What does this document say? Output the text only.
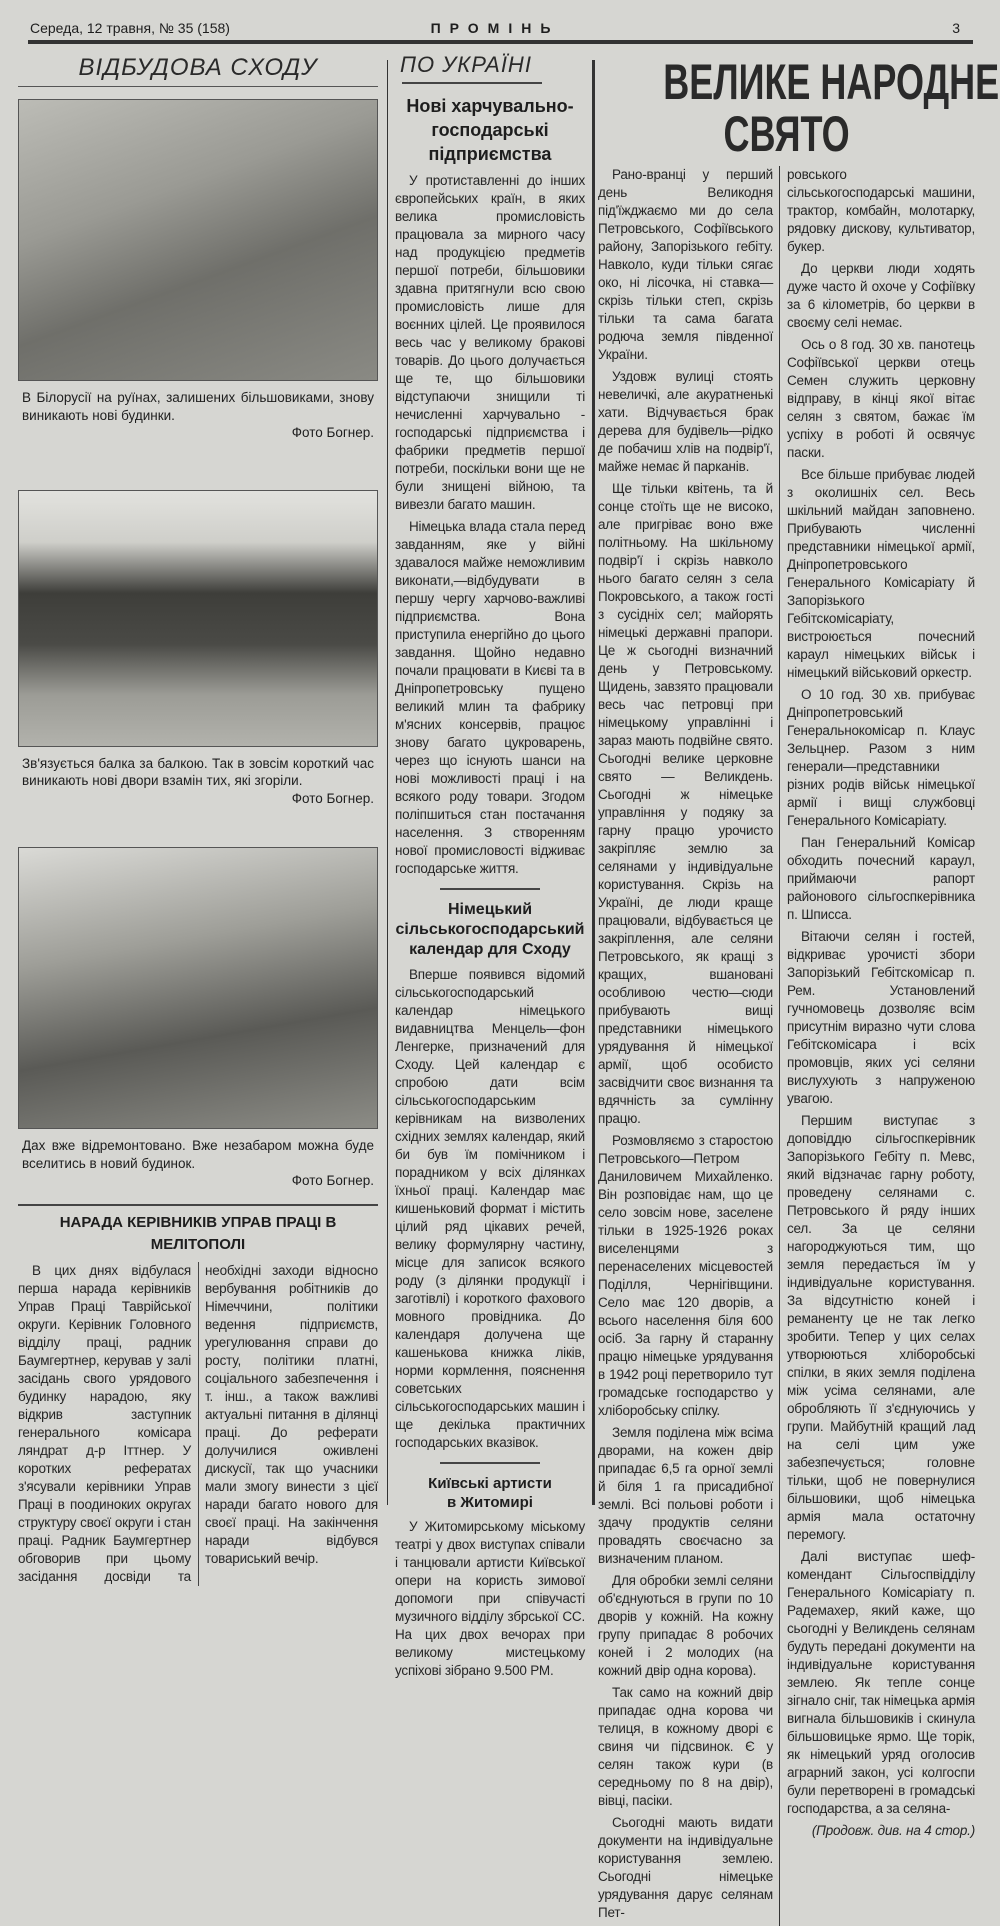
Середа, 12 травня, № 35 (158)	ПРОМІНЬ	3
ВІДБУДОВА СХОДУ
В Білорусії на руїнах, залишених більшовиками, знову виникають нові будинки.
Фото Богнер.
Зв'язується балка за балкою. Так в зовсім короткий час виникають нові двори взамін тих, які згоріли.
Фото Богнер.
Дах вже відремонтовано. Вже незабаром можна буде вселитись в новий будинок.
Фото Богнер.
НАРАДА КЕРІВНИКІВ УПРАВ ПРАЦІ В МЕЛІТОПОЛІ

В цих днях відбулася перша нарада керівників Управ Праці Таврійської округи. Керівник Головного відділу праці, радник Баумгертнер, керував у залі засідань свого урядового будинку нарадою, яку відкрив заступник генерального комісара ляндрат д-р Іттнер. У коротких рефератах з'ясували керівники Управ Праці в поодиноких округах структуру своєї округи і стан праці. Радник Баумгертнер обговорив при цьому засідання досвіди та необхідні заходи відносно вербування робітників до Німеччини, політики ведення підприємств, урегулювання справи до росту, політики платні, соціального забезпечення і т. інш., а також важливі актуальні питання в ділянці праці. До реферати долучилися оживлені дискусії, так що учасники мали змогу винести з цієї наради багато нового для своєї праці. На закінчення наради відбувся товариський вечір.

ПО УКРАЇНІ
Нові харчувально-господарські підприємства

У протиставленні до інших європейських країн, в яких велика промисловість працювала за мирного часу над продукцією предметів першої потреби, більшовики здавна притягнули всю свою промисловість лише для воєнних цілей. Це проявилося весь час у великому бракові товарів. До цього долучається ще те, що більшовики відступаючи знищили ті нечисленні харчувально - господарські підприємства і фабрики предметів першої потреби, поскільки вони ще не були знищені війною, та вивезли багато машин.

Німецька влада стала перед завданням, яке у війні здавалося майже неможливим виконати,—відбудувати в першу чергу харчово-важливі підприємства. Вона приступила енергійно до цього завдання. Щойно недавно почали працювати в Києві та в Дніпропетровську пущено великий млин та фабрику м'ясних консервів, працює знову багато цукроварень, через що існують шанси на нові можливості праці і на всякого роду товари. Згодом поліпшиться стан постачання населення. З створенням нової промисловості відживає господарське життя.

Німецький сільськогосподарський календар для Сходу

Вперше появився відомий сільськогосподарський календар німецького видавництва Менцель—фон Ленгерке, призначений для Сходу. Цей календар є спробою дати всім сільськогосподарським керівникам на визволених східних землях календар, який би був їм помічником і порадником у всіх ділянках їхньої праці. Календар має кишеньковий формат і містить цілий ряд цікавих речей, велику формулярну частину, місце для записок всякого роду (з ділянки продукції і заготівлі) і короткого фахового мовного провідника. До календаря долучена ще кашенькова книжка ліків, норми кормлення, пояснення советських сільськогосподарських машин і ще декілька практичних господарських вказівок.

Київські артисти в Житомирі

У Житомирському міському театрі у двох виступах співали і танцювали артисти Київської опери на користь зимової допомоги при співучасті музичного відділу збрської СС. На цих двох вечорах при великому мистецькому успіхові зібрано 9.500 РМ.

ВЕЛИКЕ НАРОДНЕ
СВЯТО

Рано-вранці у перший день Великодня під'їжджаємо ми до села Петровського, Софіївського району, Запорізького гебіту. Навколо, куди тільки сягає око, ні лісочка, ні ставка—скрізь тільки степ, скрізь тільки та сама багата родюча земля південної України.

Уздовж вулиці стоять невеличкі, але акуратненькі хати. Відчувається брак дерева для будівель—рідко де побачиш хлів на подвір'ї, майже немає й парканів.

Ще тільки квітень, та й сонце стоїть ще не високо, але пригріває воно вже політньому. На шкільному подвір'ї і скрізь навколо нього багато селян з села Покровського, а також гості з сусідніх сел; майорять німецькі державні прапори. Це ж сьогодні визначний день у Петровському. Щидень, завзято працювали весь час петровці при німецькому управлінні і зараз мають подвійне свято. Сьогодні велике церковне свято — Великдень. Сьогодні ж німецьке управління у подяку за гарну працю урочисто закріпляє землю за селянами у індивідуальне користування. Скрізь на Україні, де люди краще працювали, відбувається це закріплення, але селяни Петровського, як кращі з кращих, вшановані особливою честю—сюди прибувають вищі представники німецького урядування й німецької армії, щоб особисто засвідчити своє визнання та вдячність за сумлінну працю.

Розмовляємо з старостою Петровського—Петром Даниловичем Михайленко. Він розповідає нам, що це село зовсім нове, заселене тільки в 1925-1926 роках виселенцями з перенаселених місцевостей Поділля, Чернігівщини. Село має 120 дворів, а всього населення біля 600 осіб. За гарну й старанну працю німецьке урядування в 1942 році перетворило тут громадське господарство у хліборобську спілку.

Земля поділена між всіма дворами, на кожен двір припадає 6,5 га орної землі й біля 1 га присадибної землі. Всі польові роботи і здачу продуктів селяни провадять своєчасно за визначеним планом.

Для обробки землі селяни об'єднуються в групи по 10 дворів у кожній. На кожну групу припадає 8 робочих коней і 2 молодих (на кожний двір одна корова).

Так само на кожний двір припадає одна корова чи телиця, в кожному дворі є свиня чи підсвинок. Є у селян також кури (в середньому по 8 на двір), вівці, пасіки.

Сьогодні мають видати документи на індивідуальне користування землею. Сьогодні німецьке урядування дарує селянам Пет-

ровського сільськогосподарські машини, трактор, комбайн, молотарку, рядовку дискову, культиватор, букер.

До церкви люди ходять дуже часто й охоче у Софіївку за 6 кілометрів, бо церкви в своєму селі немає.

Ось о 8 год. 30 хв. панотець Софіївської церкви отець Семен служить церковну відправу, в кінці якої вітає селян з святом, бажає їм успіху в роботі й освячує паски.

Все більше прибуває людей з околишніх сел. Весь шкільний майдан заповнено. Прибувають численні представники німецької армії, Дніпропетровського Генерального Комісаріату й Запорізького Гебітскомісаріату, вистроюється почесний караул німецьких військ і німецький військовий оркестр.

О 10 год. 30 хв. прибуває Дніпропетровський Генеральнокомісар п. Клаус Зельцнер. Разом з ним генерали—представники різних родів військ німецької армії і вищі службовці Генерального Комісаріату.

Пан Генеральний Комісар обходить почесний караул, приймаючи рапорт районового сільгоспкерівника п. Шписса.

Вітаючи селян і гостей, відкриває урочисті збори Запорізький Гебітскомісар п. Рем. Установлений гучномовець дозволяє всім присутнім виразно чути слова Гебітскомісара і всіх промовців, яких усі селяни вислухують з напруженою увагою.

Першим виступає з доповіддю сільгоспкерівник Запорізького Гебіту п. Мевс, який відзначає гарну роботу, проведену селянами с. Петровського й ряду інших сел. За це селяни нагороджуються тим, що земля передається їм у індивідуальне користування. За відсутністю коней і реманенту це не так легко зробити. Тепер у цих селах утворюються хліборобські спілки, в яких земля поділена між усіма селянами, але обробляють її з'єднуючись у групи. Майбутній кращий лад на селі цим уже забезпечується; головне тільки, щоб не повернулися більшовики, щоб німецька армія мала остаточну перемогу.

Далі виступає шеф-комендант Сільгоспвідділу Генерального Комісаріату п. Радемахер, який каже, що сьогодні у Великдень селянам будуть передані документи на індивідуальне користування землею. Як тепле сонце зігнало сніг, так німецька армія вигнала більшовиків і скинула більшовицьке ярмо. Ще торік, як німецький уряд оголосив аграрний закон, усі колгоспи були перетворені в громадські господарства, а за селяна-

(Продовж. див. на 4 стор.)
